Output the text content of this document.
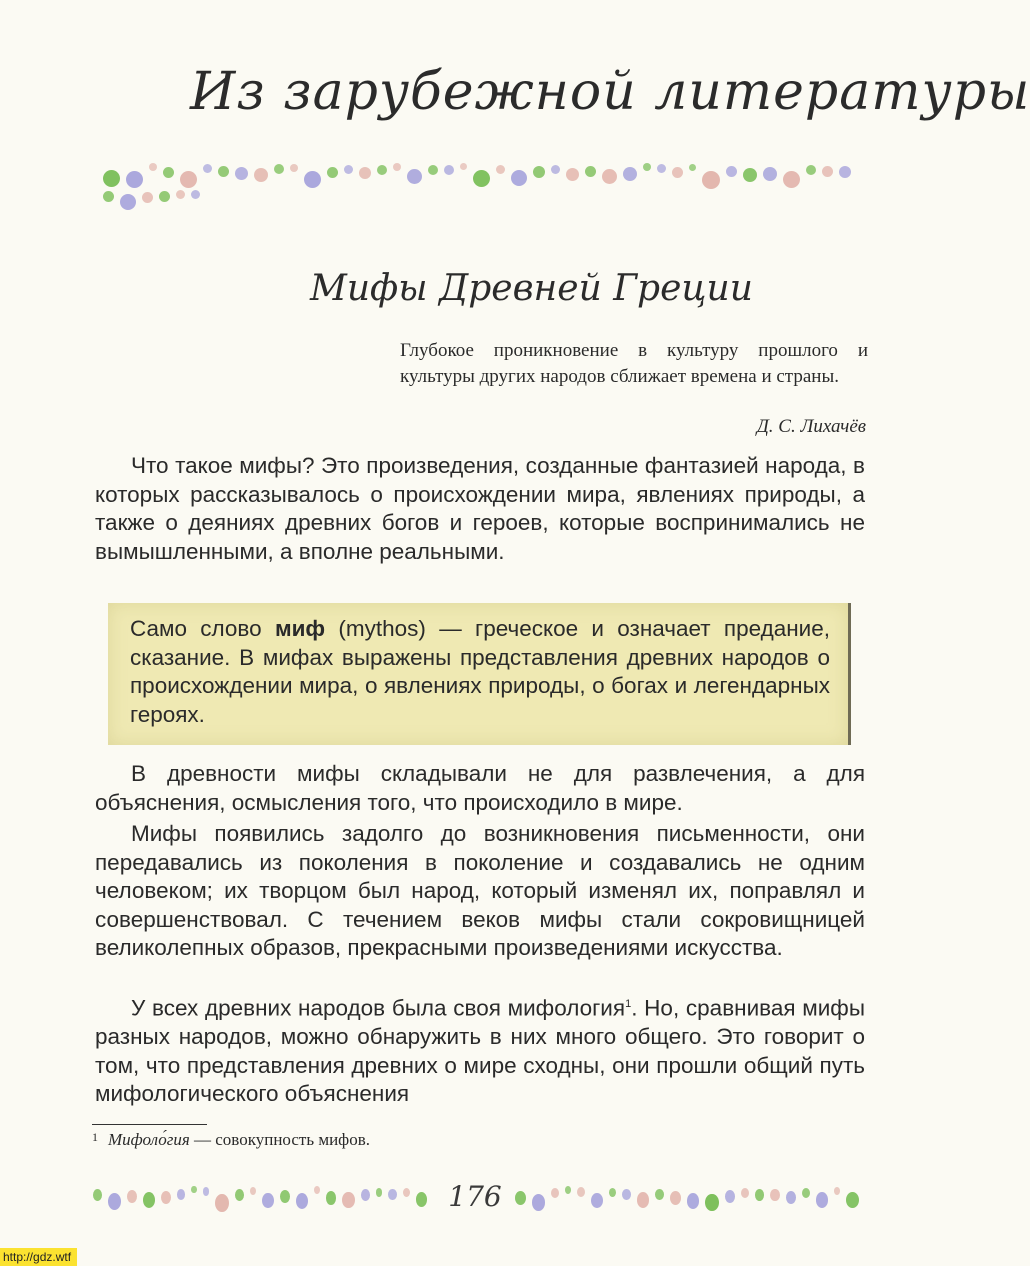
Из зарубежной литературы
Мифы Древней Греции
Глубокое проникновение в культуру прошлого и культуры других народов сближает времена и страны.
Д. С. Лихачёв
Что такое мифы? Это произведения, созданные фантазией народа, в которых рассказывалось о происхождении мира, явлениях природы, а также о деяниях древних богов и героев, которые воспринимались не вымышленными, а вполне реальными.
Само слово миф (mythos) — греческое и означает предание, сказание. В мифах выражены представления древних народов о происхождении мира, о явлениях природы, о богах и легендарных героях.
В древности мифы складывали не для развлечения, а для объяснения, осмысления того, что происходило в мире.
Мифы появились задолго до возникновения письменности, они передавались из поколения в поколение и создавались не одним человеком; их творцом был народ, который изменял их, поправлял и совершенствовал. С течением веков мифы стали сокровищницей великолепных образов, прекрасными произведениями искусства.
У всех древних народов была своя мифология$^1$. Но, сравнивая мифы разных народов, можно обнаружить в них много общего. Это говорит о том, что представления древних о мире сходны, они прошли общий путь мифологического объяснения
$^1$ Мифоло́гия — совокупность мифов.
176
http://gdz.wtf
